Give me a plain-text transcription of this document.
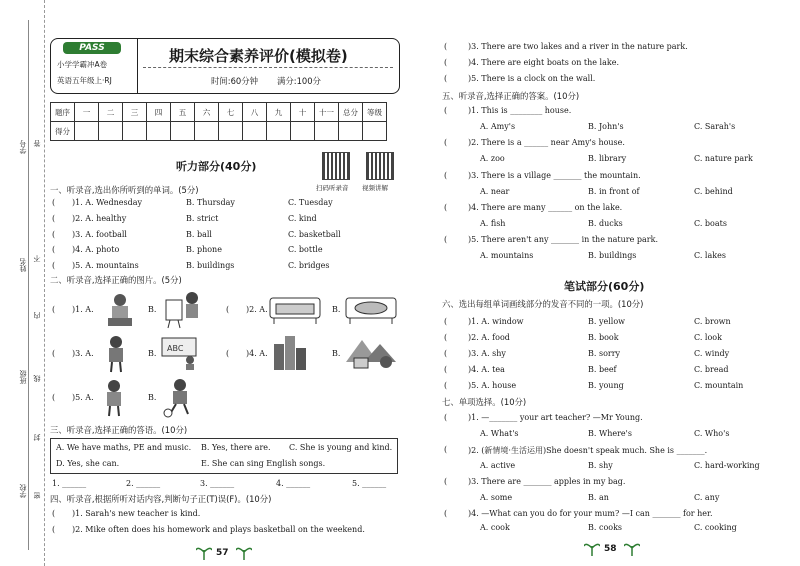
学号
姓名
班级
学校
答
不
内
线
封
密
PASS
小学学霸冲A卷
英语五年级上·RJ
期末综合素养评价(模拟卷)
时间:60分钟 满分:100分
题序	一	二	三	四	五	六	七	八	九	十	十一	总分	等级
得分													
听力部分(40分)
扫码听录音 视频讲解
一、听录音,选出你所听到的单词。(5分)
( )1. A. Wednesday	B. Thursday	C. Tuesday
( )2. A. healthy	B. strict	C. kind
( )3. A. football	B. ball	C. basketball
( )4. A. photo	B. phone	C. bottle
( )5. A. mountains	B. buildings	C. bridges
二、听录音,选择正确的图片。(5分)
( )1. A.	B.	( )2. A.	B.
( )3. A.	B.
ABC
( )4. A.	B.
( )5. A.	B.
三、听录音,选择正确的答语。(10分)
A. We have maths, PE and music. B. Yes, there are. C. She is young and kind.
D. Yes, she can.	E. She can sing English songs.
1. ______	2. ______	3. ______	4. ______	5. ______
四、听录音,根据所听对话内容,判断句子正(T)误(F)。(10分)
( )1. Sarah's new teacher is kind.
( )2. Mike often does his homework and plays basketball on the weekend.
57
(	)3. There are two lakes and a river in the nature park.
(	)4. There are eight boats on the lake.
(	)5. There is a clock on the wall.
五、听录音,选择正确的答案。(10分)
(	)1. This is ________ house.
A. Amy's	B. John's	C. Sarah's
(	)2. There is a ______ near Amy's house.
A. zoo	B. library	C. nature park
(	)3. There is a village _______ the mountain.
A. near	B. in front of	C. behind
(	)4. There are many ______ on the lake.
A. fish	B. ducks	C. boats
(	)5. There aren't any _______ in the nature park.
A. mountains	B. buildings	C. lakes
笔试部分(60分)
六、选出每组单词画线部分的发音不同的一项。(10分)
(	)1. A. window	B. yellow	C. brown
(	)2. A. food	B. book	C. look
(	)3. A. shy	B. sorry	C. windy
(	)4. A. tea	B. beef	C. bread
(	)5. A. house	B. young	C. mountain
七、单项选择。(10分)
(	)1. —_______ your art teacher? —Mr Young.
A. What's	B. Where's	C. Who's
(	)2. (新情境·生活运用)She doesn't speak much. She is _______.
A. active	B. shy	C. hard-working
(	)3. There are _______ apples in my bag.
A. some	B. an	C. any
(	)4. —What can you do for your mum? —I can _______ for her.
A. cook	B. cooks	C. cooking
58
